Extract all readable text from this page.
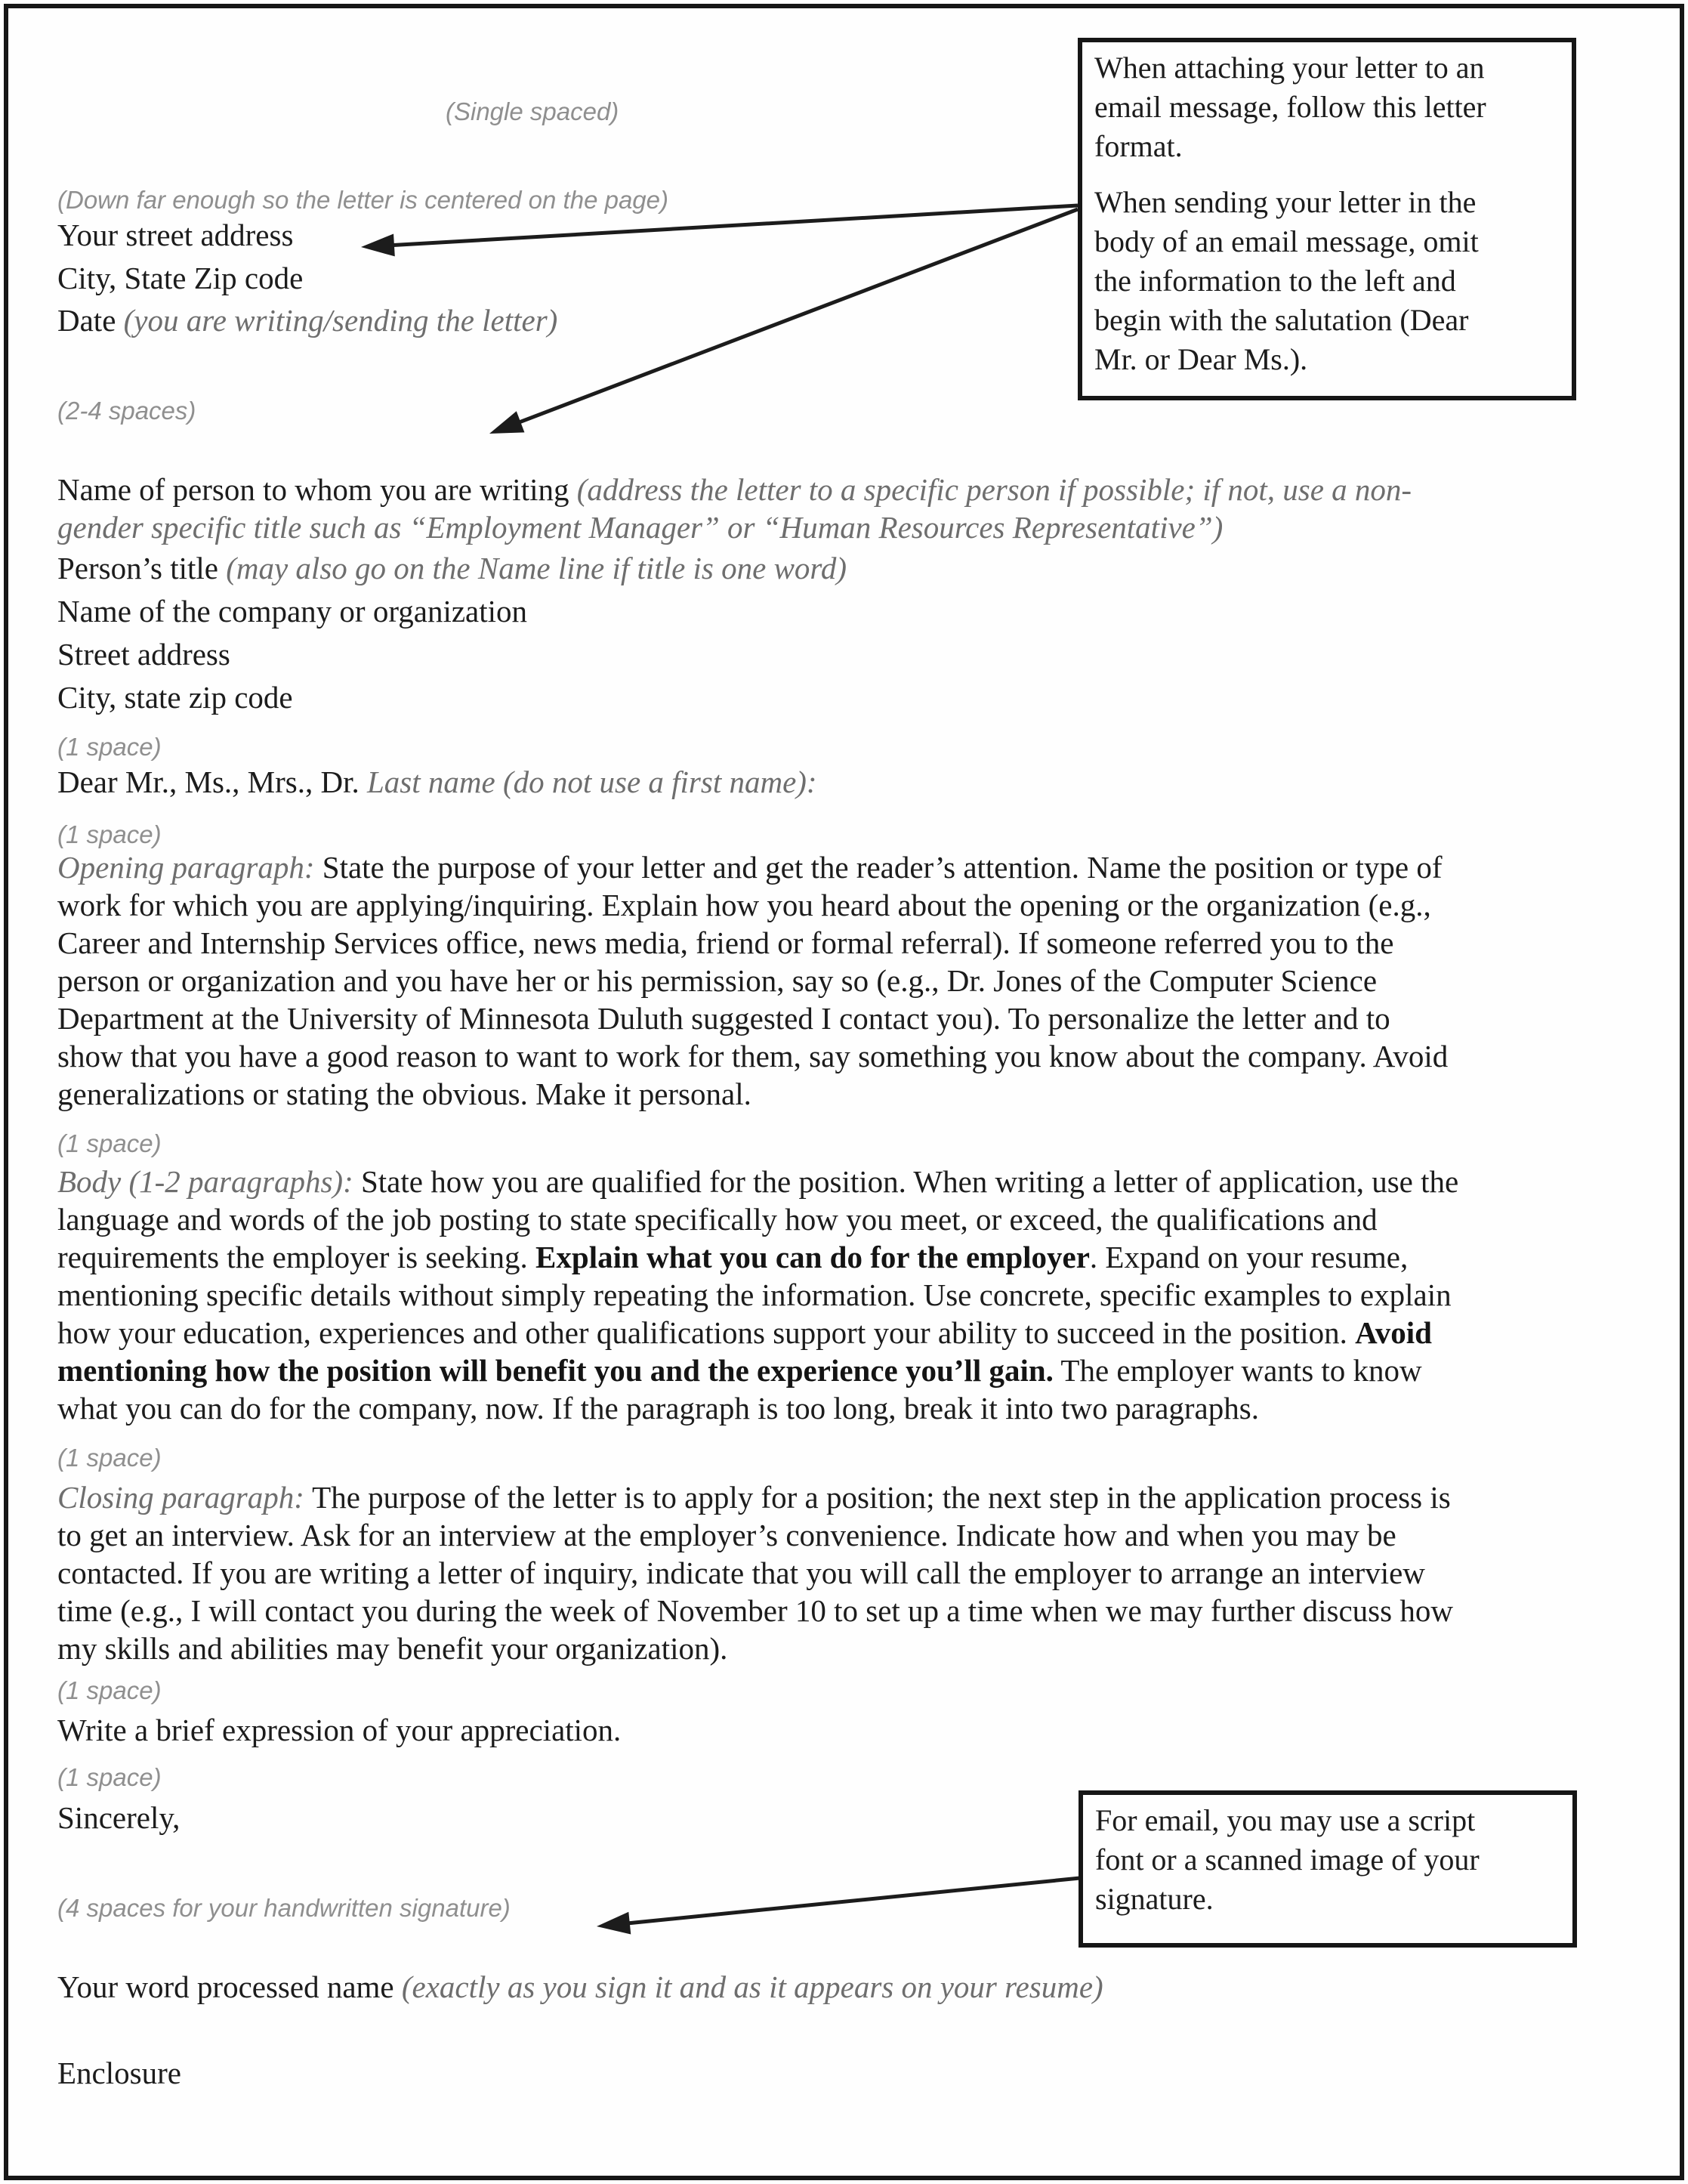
(Single spaced)
(Down far enough so the letter is centered on the page)
Your street address
City, State Zip code
Date (you are writing/sending the letter)
(2-4 spaces)
Name of person to whom you are writing (address the letter to a specific person if possible; if not, use a non-
gender specific title such as “Employment Manager” or “Human Resources Representative”)
Person’s title (may also go on the Name line if title is one word)
Name of the company or organization
Street address
City, state zip code
(1 space)
Dear Mr., Ms., Mrs., Dr. Last name (do not use a first name):
(1 space)
Opening paragraph: State the purpose of your letter and get the reader’s attention. Name the position or type of
work for which you are applying/inquiring. Explain how you heard about the opening or the organization (e.g.,
Career and Internship Services office, news media, friend or formal referral). If someone referred you to the
person or organization and you have her or his permission, say so (e.g., Dr. Jones of the Computer Science
Department at the University of Minnesota Duluth suggested I contact you). To personalize the letter and to
show that you have a good reason to want to work for them, say something you know about the company. Avoid
generalizations or stating the obvious. Make it personal.
(1 space)
Body (1-2 paragraphs): State how you are qualified for the position. When writing a letter of application, use the
language and words of the job posting to state specifically how you meet, or exceed, the qualifications and
requirements the employer is seeking. Explain what you can do for the employer. Expand on your resume,
mentioning specific details without simply repeating the information. Use concrete, specific examples to explain
how your education, experiences and other qualifications support your ability to succeed in the position. Avoid
mentioning how the position will benefit you and the experience you’ll gain. The employer wants to know
what you can do for the company, now. If the paragraph is too long, break it into two paragraphs.
(1 space)
Closing paragraph: The purpose of the letter is to apply for a position; the next step in the application process is
to get an interview. Ask for an interview at the employer’s convenience. Indicate how and when you may be
contacted. If you are writing a letter of inquiry, indicate that you will call the employer to arrange an interview
time (e.g., I will contact you during the week of November 10 to set up a time when we may further discuss how
my skills and abilities may benefit your organization).
(1 space)
Write a brief expression of your appreciation.
(1 space)
Sincerely,
(4 spaces for your handwritten signature)
Your word processed name (exactly as you sign it and as it appears on your resume)
Enclosure
When attaching your letter to an
email message, follow this letter
format.
When sending your letter in the
body of an email message, omit
the information to the left and
begin with the salutation (Dear
Mr. or Dear Ms.).
For email, you may use a script
font or a scanned image of your
signature.
